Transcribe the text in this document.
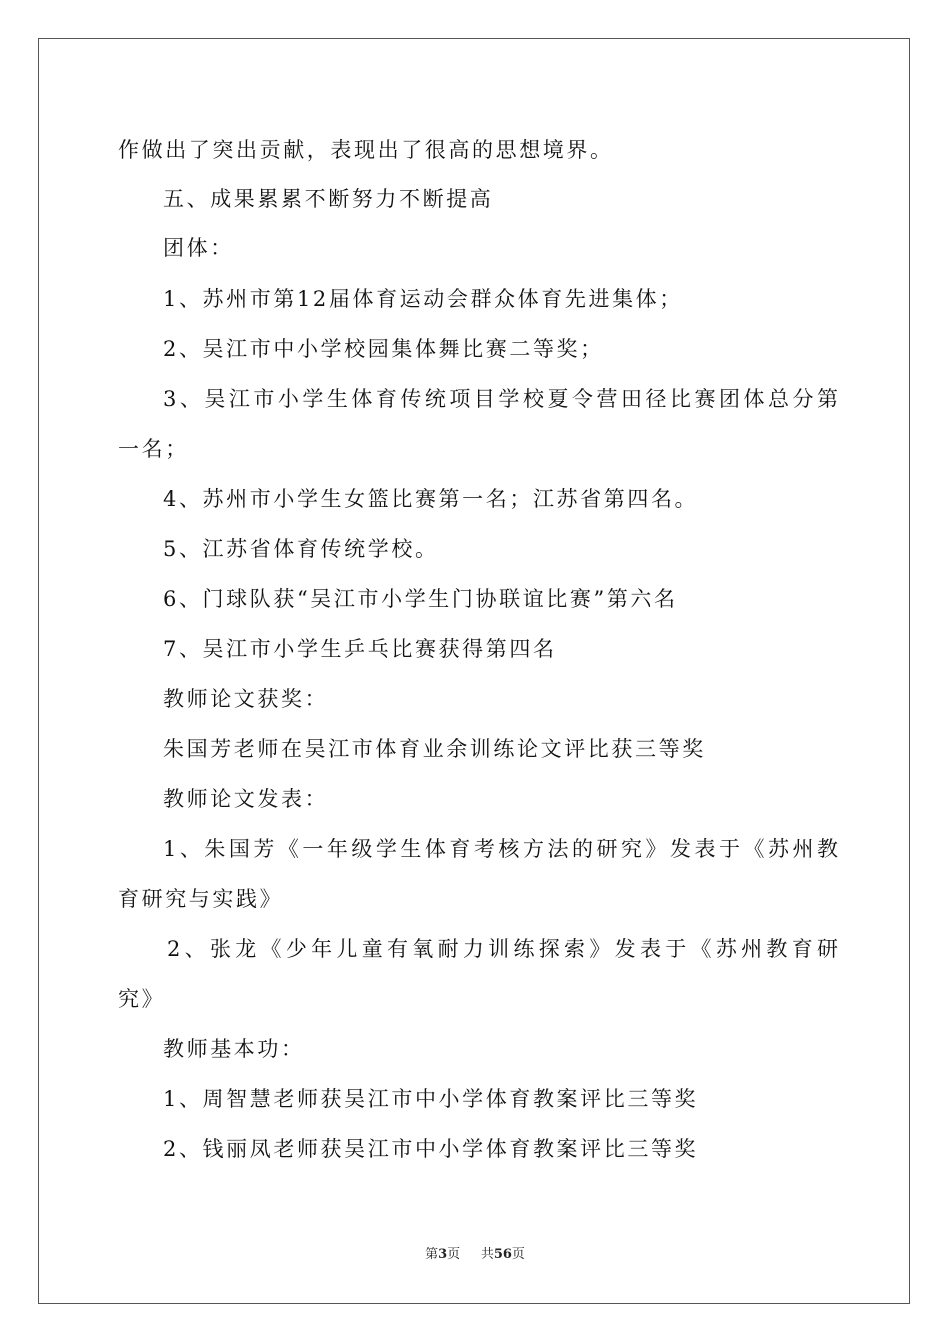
作做出了突出贡献，表现出了很高的思想境界。
五、成果累累不断努力不断提高
团体：
1、苏州市第12届体育运动会群众体育先进集体；
2、吴江市中小学校园集体舞比赛二等奖；
3、吴江市小学生体育传统项目学校夏令营田径比赛团体总分第
一名；
4、苏州市小学生女篮比赛第一名；江苏省第四名。
5、江苏省体育传统学校。
6、门球队获“吴江市小学生门协联谊比赛”第六名
7、吴江市小学生乒乓比赛获得第四名
教师论文获奖：
朱国芳老师在吴江市体育业余训练论文评比获三等奖
教师论文发表：
1、朱国芳《一年级学生体育考核方法的研究》发表于《苏州教
育研究与实践》
2、张龙《少年儿童有氧耐力训练探索》发表于《苏州教育研
究》
教师基本功：
1、周智慧老师获吴江市中小学体育教案评比三等奖
2、钱丽凤老师获吴江市中小学体育教案评比三等奖
第3页 共56页
